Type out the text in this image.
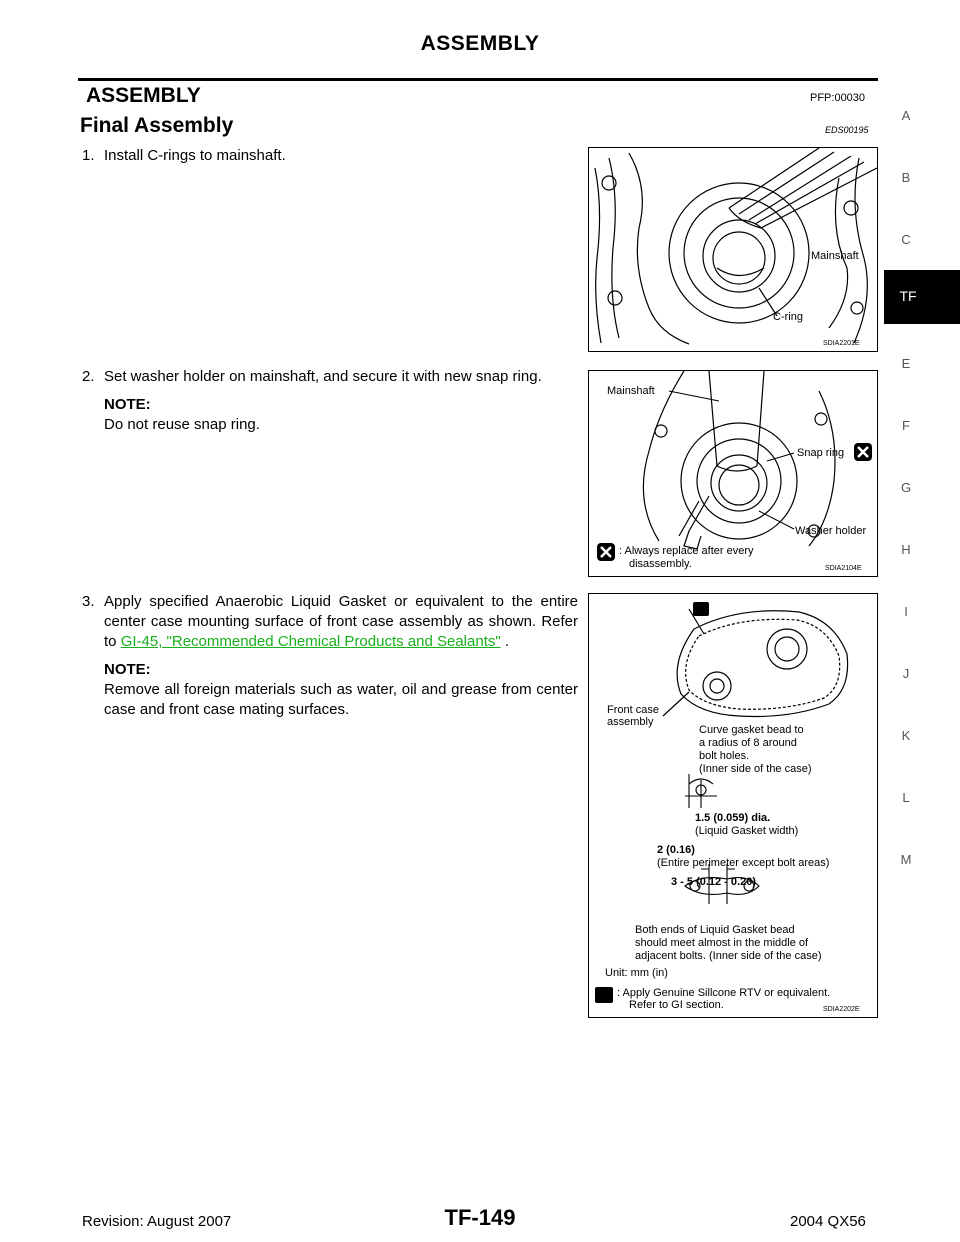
ASSEMBLY
ASSEMBLY	PFP:00030
Final Assembly	EDS00195
1. Install C-rings to mainshaft.
2. Set washer holder on mainshaft, and secure it with new snap ring.
NOTE:
Do not reuse snap ring.
3. Apply specified Anaerobic Liquid Gasket or equivalent to the entire center case mounting surface of front case assembly as shown. Refer to GI-45, "Recommended Chemical Products and Sealants" .
NOTE:
Remove all foreign materials such as water, oil and grease from center case and front case mating surfaces.
A
B
C
TF
E
F
G
H
I
J
K
L
M
Mainshaft
C-ring
SDIA2201E
Mainshaft
Snap ring
Washer holder
: Always replace after every
disassembly.	SDIA2104E
Front case
assembly
Curve gasket bead to
a radius of 8 around
bolt holes.
(Inner side of the case)
1.5 (0.059) dia.
(Liquid Gasket width)
2 (0.16)
(Entire perimeter except bolt areas)
3 - 5 (0.12 - 0.20)
Both ends of Liquid Gasket bead
should meet almost in the middle of
adjacent bolts. (Inner side of the case)
Unit: mm (in)
: Apply Genuine Sillcone RTV or equivalent.
Refer to GI section.	SDIA2202E
Revision: August 2007	TF-149	2004 QX56
